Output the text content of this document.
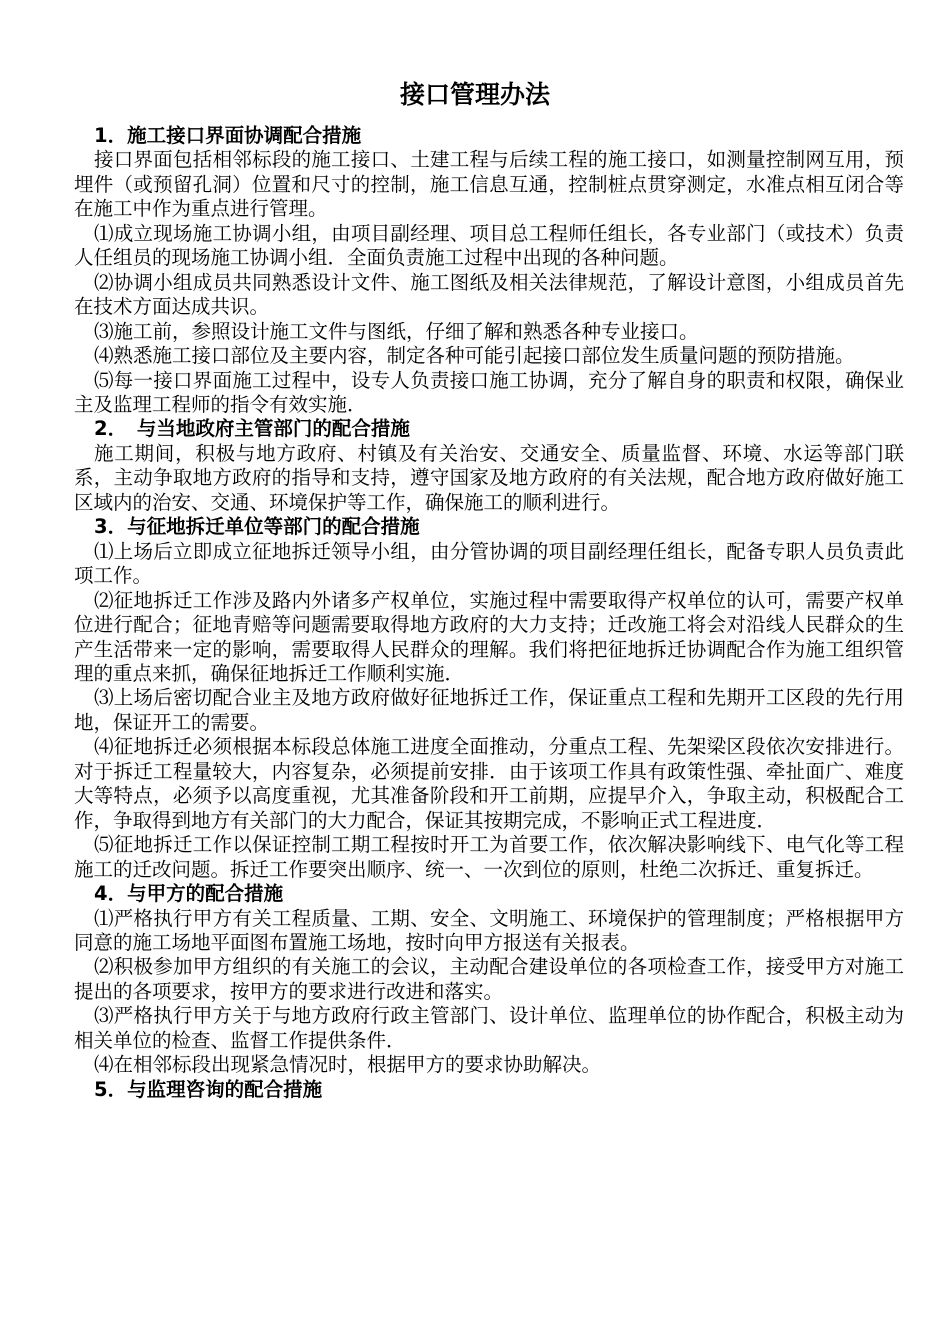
接口管理办法

1．施工接口界面协调配合措施

接口界面包括相邻标段的施工接口、土建工程与后续工程的施工接口，如测量控制网互用，预埋件（或预留孔洞）位置和尺寸的控制，施工信息互通，控制桩点贯穿测定，水准点相互闭合等在施工中作为重点进行管理。

⑴成立现场施工协调小组，由项目副经理、项目总工程师任组长，各专业部门（或技术）负责人任组员的现场施工协调小组．全面负责施工过程中出现的各种问题。

⑵协调小组成员共同熟悉设计文件、施工图纸及相关法律规范，了解设计意图，小组成员首先在技术方面达成共识。

⑶施工前，参照设计施工文件与图纸，仔细了解和熟悉各种专业接口。

⑷熟悉施工接口部位及主要内容，制定各种可能引起接口部位发生质量问题的预防措施。

⑸每一接口界面施工过程中，设专人负责接口施工协调，充分了解自身的职责和权限，确保业主及监理工程师的指令有效实施．

2．　与当地政府主管部门的配合措施

施工期间，积极与地方政府、村镇及有关治安、交通安全、质量监督、环境、水运等部门联系，主动争取地方政府的指导和支持，遵守国家及地方政府的有关法规，配合地方政府做好施工区域内的治安、交通、环境保护等工作，确保施工的顺利进行。

3．与征地拆迁单位等部门的配合措施

⑴上场后立即成立征地拆迁领导小组，由分管协调的项目副经理任组长，配备专职人员负责此项工作。

⑵征地拆迁工作涉及路内外诸多产权单位，实施过程中需要取得产权单位的认可，需要产权单位进行配合；征地青赔等问题需要取得地方政府的大力支持；迁改施工将会对沿线人民群众的生产生活带来一定的影响，需要取得人民群众的理解。我们将把征地拆迁协调配合作为施工组织管理的重点来抓，确保征地拆迁工作顺利实施．

⑶上场后密切配合业主及地方政府做好征地拆迁工作，保证重点工程和先期开工区段的先行用地，保证开工的需要。

⑷征地拆迁必须根据本标段总体施工进度全面推动，分重点工程、先架梁区段依次安排进行。对于拆迁工程量较大，内容复杂，必须提前安排．由于该项工作具有政策性强、牵扯面广、难度大等特点，必须予以高度重视，尤其准备阶段和开工前期，应提早介入，争取主动，积极配合工作，争取得到地方有关部门的大力配合，保证其按期完成，不影响正式工程进度．

⑸征地拆迁工作以保证控制工期工程按时开工为首要工作，依次解决影响线下、电气化等工程施工的迁改问题。拆迁工作要突出顺序、统一、一次到位的原则，杜绝二次拆迁、重复拆迁。

4．与甲方的配合措施

⑴严格执行甲方有关工程质量、工期、安全、文明施工、环境保护的管理制度；严格根据甲方同意的施工场地平面图布置施工场地，按时向甲方报送有关报表。

⑵积极参加甲方组织的有关施工的会议，主动配合建设单位的各项检查工作，接受甲方对施工提出的各项要求，按甲方的要求进行改进和落实。

⑶严格执行甲方关于与地方政府行政主管部门、设计单位、监理单位的协作配合，积极主动为相关单位的检查、监督工作提供条件．

⑷在相邻标段出现紧急情况时，根据甲方的要求协助解决。

5．与监理咨询的配合措施
